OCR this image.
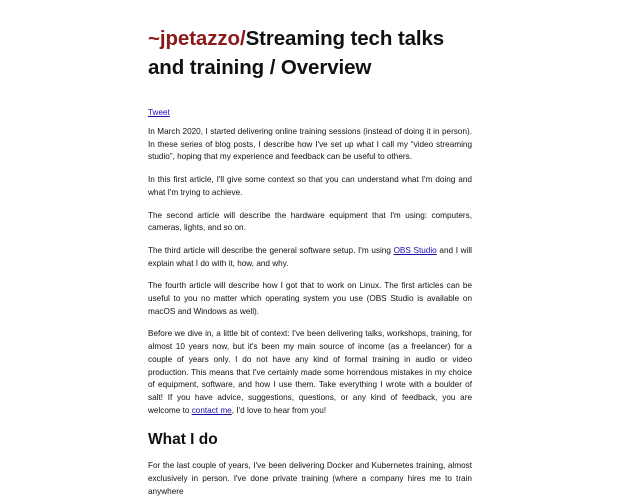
~jpetazzo/Streaming tech talks and training / Overview
Tweet

In March 2020, I started delivering online training sessions (instead of doing it in person). In these series of blog posts, I describe how I've set up what I call my “video streaming studio”, hoping that my experience and feedback can be useful to others.

In this first article, I'll give some context so that you can understand what I'm doing and what I'm trying to achieve.

The second article will describe the hardware equipment that I'm using: computers, cameras, lights, and so on.

The third article will describe the general software setup. I'm using OBS Studio and I will explain what I do with it, how, and why.

The fourth article will describe how I got that to work on Linux. The first articles can be useful to you no matter which operating system you use (OBS Studio is available on macOS and Windows as well).

Before we dive in, a little bit of context: I've been delivering talks, workshops, training, for almost 10 years now, but it's been my main source of income (as a freelancer) for a couple of years only. I do not have any kind of formal training in audio or video production. This means that I've certainly made some horrendous mistakes in my choice of equipment, software, and how I use them. Take everything I wrote with a boulder of salt! If you have advice, suggestions, questions, or any kind of feedback, you are welcome to contact me, I'd love to hear from you!

What I do

For the last couple of years, I've been delivering Docker and Kubernetes training, almost exclusively in person. I've done private training (where a company hires me to train anywhere
